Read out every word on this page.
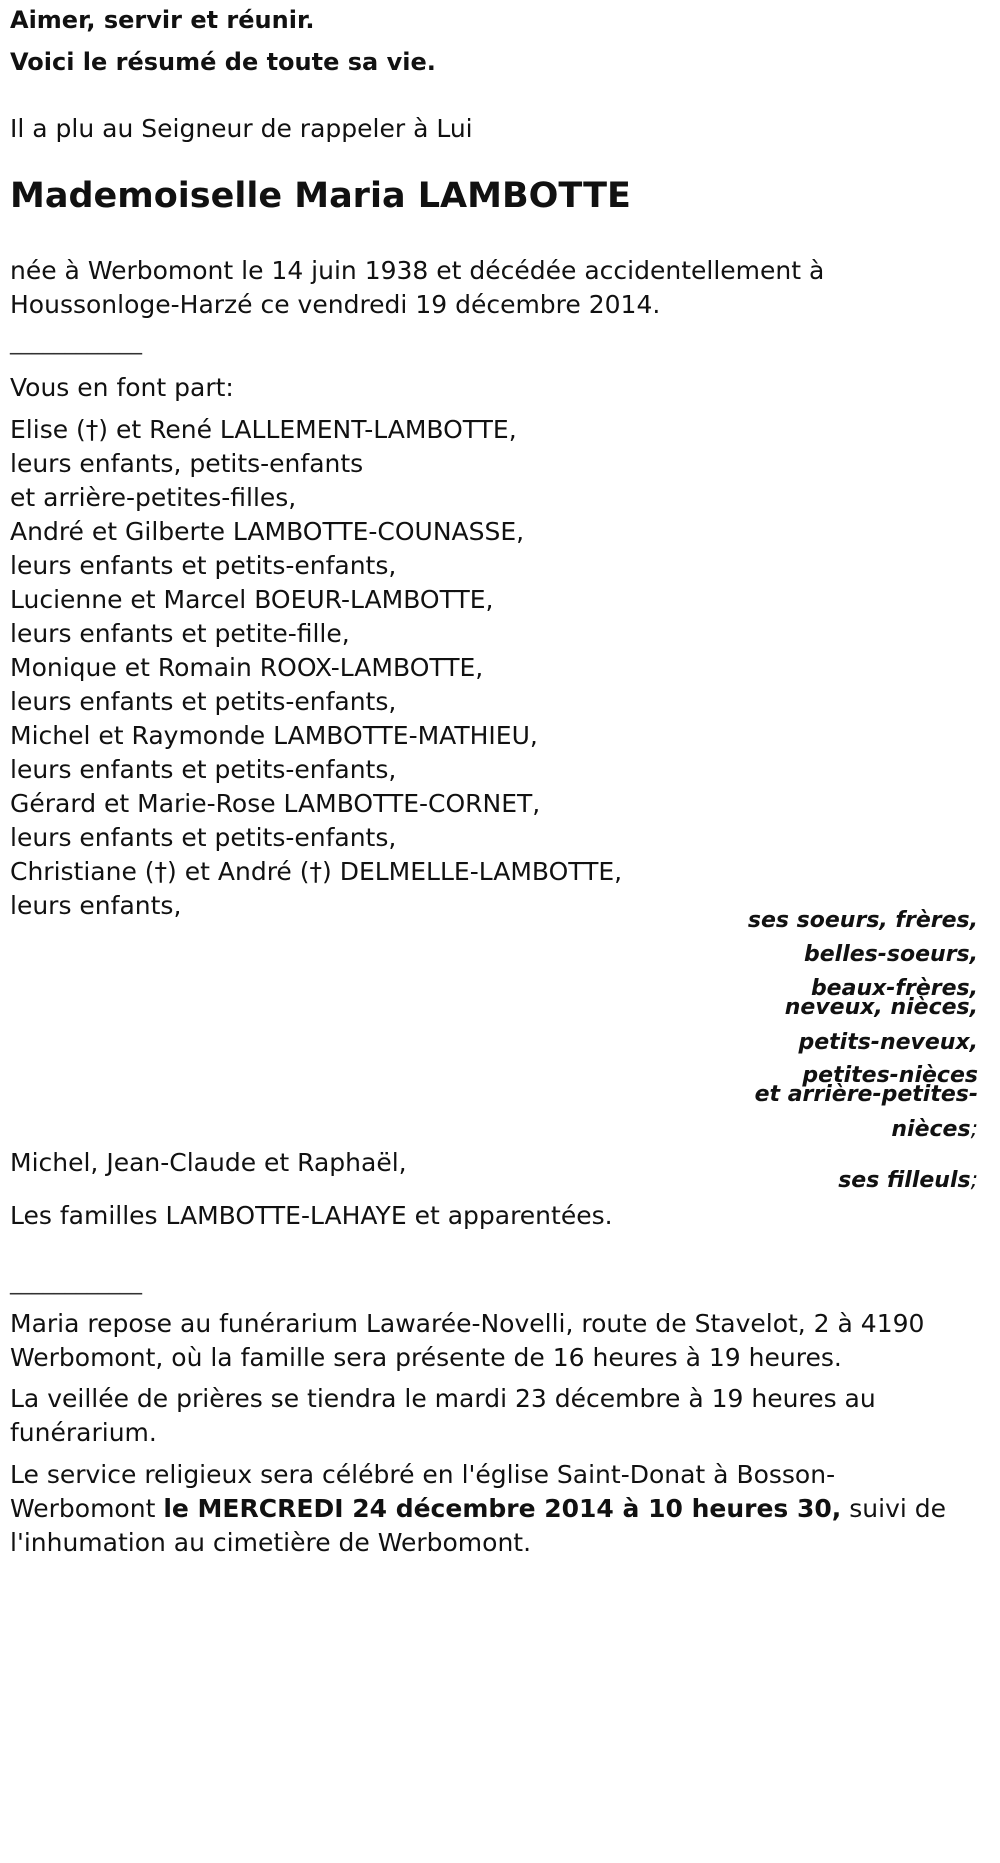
Aimer, servir et réunir.
Voici le résumé de toute sa vie.
Il a plu au Seigneur de rappeler à Lui
Mademoiselle Maria LAMBOTTE
née à Werbomont le 14 juin 1938 et décédée accidentellement à
Houssonloge-Harzé ce vendredi 19 décembre 2014.
____________
Vous en font part:
Elise (†) et René LALLEMENT-LAMBOTTE,
leurs enfants, petits-enfants
et arrière-petites-filles,
André et Gilberte LAMBOTTE-COUNASSE,
leurs enfants et petits-enfants,
Lucienne et Marcel BOEUR-LAMBOTTE,
leurs enfants et petite-fille,
Monique et Romain ROOX-LAMBOTTE,
leurs enfants et petits-enfants,
Michel et Raymonde LAMBOTTE-MATHIEU,
leurs enfants et petits-enfants,
Gérard et Marie-Rose LAMBOTTE-CORNET,
leurs enfants et petits-enfants,
Christiane (†) et André (†) DELMELLE-LAMBOTTE,
leurs enfants,
ses soeurs, frères,
belles-soeurs,
beaux-frères,
neveux, nièces,
petits-neveux,
petites-nièces
et arrière-petites-
nièces;
Michel, Jean-Claude et Raphaël,
ses filleuls;
Les familles LAMBOTTE-LAHAYE et apparentées.
____________
Maria repose au funérarium Lawarée-Novelli, route de Stavelot, 2 à 4190
Werbomont, où la famille sera présente de 16 heures à 19 heures.
La veillée de prières se tiendra le mardi 23 décembre à 19 heures au
funérarium.
Le service religieux sera célébré en l'église Saint-Donat à Bosson-
Werbomont le MERCREDI 24 décembre 2014 à 10 heures 30, suivi de
l'inhumation au cimetière de Werbomont.
